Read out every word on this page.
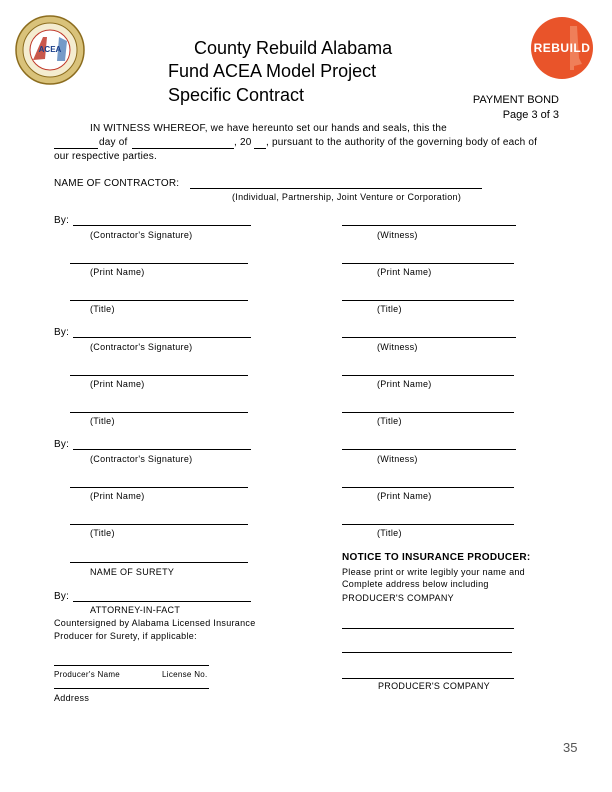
ACEA	REBUILD
County Rebuild Alabama
Fund ACEA Model Project
Specific Contract	PAYMENT BOND
Page 3 of 3
IN WITNESS WHEREOF, we have hereunto set our hands and seals, this the
day of	, 20 , pursuant to the authority of the governing body of each of
our respective parties.
NAME OF CONTRACTOR:
(Individual, Partnership, Joint Venture or Corporation)
By:
(Contractor's Signature)	(Witness)
(Print Name)	(Print Name)
(Title)	(Title)
By:
(Contractor's Signature)	(Witness)
(Print Name)	(Print Name)
(Title)	(Title)
By:
(Contractor's Signature)	(Witness)
(Print Name)	(Print Name)
(Title)	(Title)
NAME OF SURETY
By:
ATTORNEY-IN-FACT
Countersigned by Alabama Licensed Insurance
Producer for Surety, if applicable:
Producer's Name	License No.
Address
NOTICE TO INSURANCE PRODUCER:
Please print or write legibly your name and
Complete address below including
PRODUCER'S COMPANY
PRODUCER'S COMPANY
35
